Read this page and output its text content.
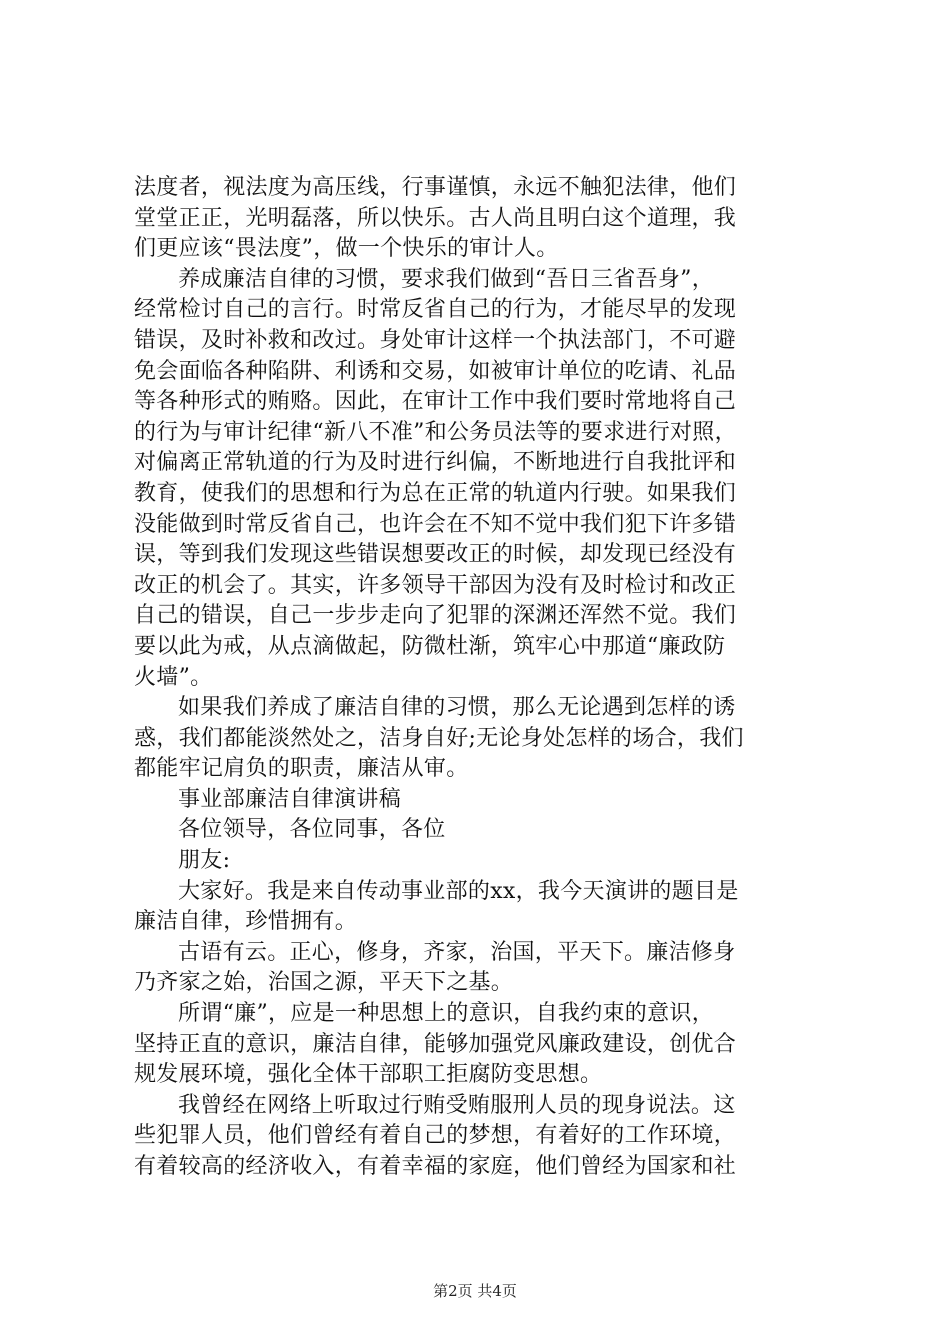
法度者，视法度为高压线，行事谨慎，永远不触犯法律，他们
堂堂正正，光明磊落，所以快乐。古人尚且明白这个道理，我
们更应该“畏法度”，做一个快乐的审计人。
养成廉洁自律的习惯，要求我们做到“吾日三省吾身”，
经常检讨自己的言行。时常反省自己的行为，才能尽早的发现
错误，及时补救和改过。身处审计这样一个执法部门，不可避
免会面临各种陷阱、利诱和交易，如被审计单位的吃请、礼品
等各种形式的贿赂。因此，在审计工作中我们要时常地将自己
的行为与审计纪律“新八不准”和公务员法等的要求进行对照，
对偏离正常轨道的行为及时进行纠偏，不断地进行自我批评和
教育，使我们的思想和行为总在正常的轨道内行驶。如果我们
没能做到时常反省自己，也许会在不知不觉中我们犯下许多错
误，等到我们发现这些错误想要改正的时候，却发现已经没有
改正的机会了。其实，许多领导干部因为没有及时检讨和改正
自己的错误，自己一步步走向了犯罪的深渊还浑然不觉。我们
要以此为戒，从点滴做起，防微杜渐，筑牢心中那道“廉政防
火墙”。
如果我们养成了廉洁自律的习惯，那么无论遇到怎样的诱
惑，我们都能淡然处之，洁身自好;无论身处怎样的场合，我们
都能牢记肩负的职责，廉洁从审。
事业部廉洁自律演讲稿
各位领导，各位同事，各位
朋友:
大家好。我是来自传动事业部的xx，我今天演讲的题目是
廉洁自律，珍惜拥有。
古语有云。正心，修身，齐家，治国，平天下。廉洁修身
乃齐家之始，治国之源，平天下之基。
所谓“廉”，应是一种思想上的意识，自我约束的意识，
坚持正直的意识，廉洁自律，能够加强党风廉政建设，创优合
规发展环境，强化全体干部职工拒腐防变思想。
我曾经在网络上听取过行贿受贿服刑人员的现身说法。这
些犯罪人员，他们曾经有着自己的梦想，有着好的工作环境，
有着较高的经济收入，有着幸福的家庭，他们曾经为国家和社
第2页 共4页
